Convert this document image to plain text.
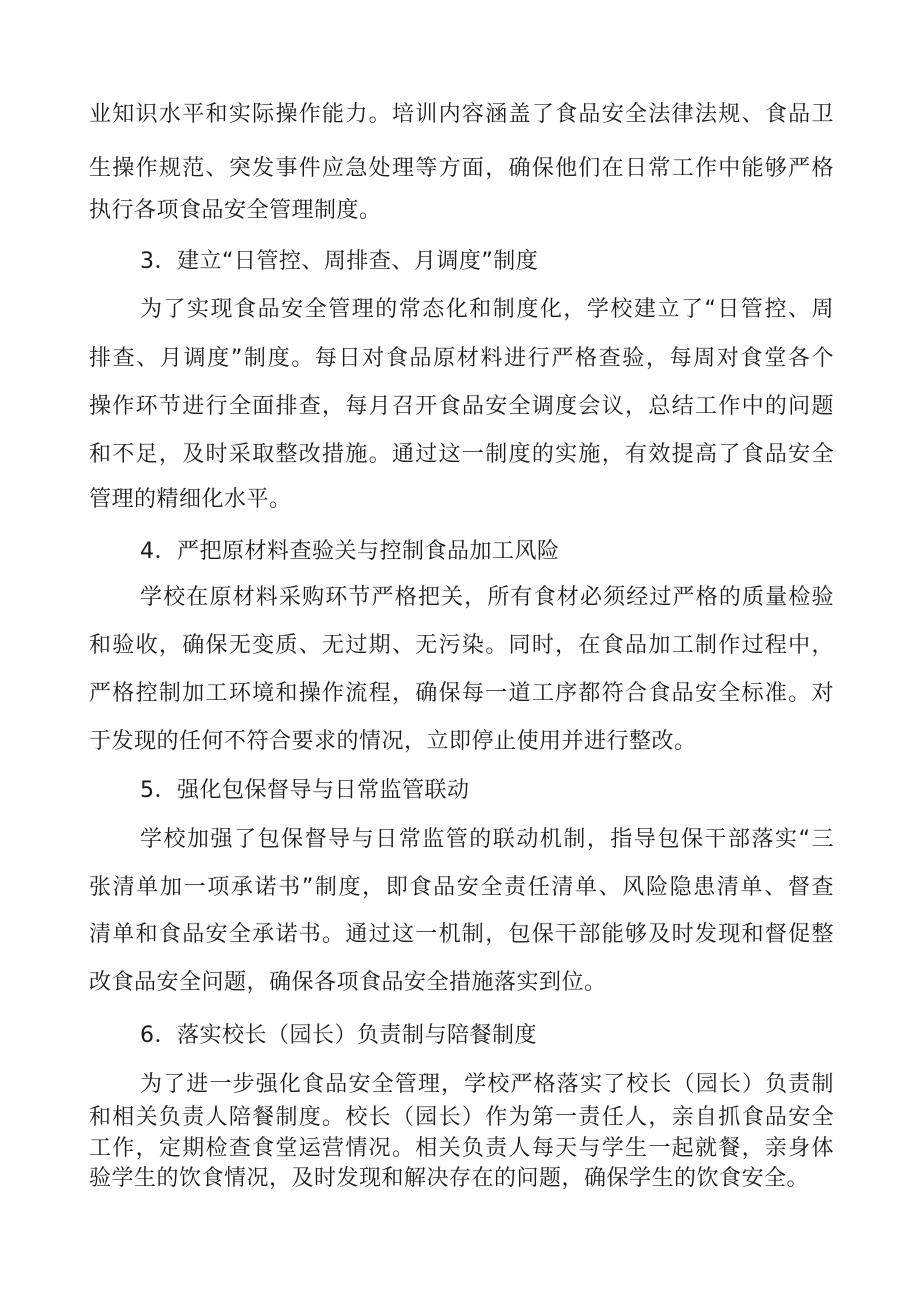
业知识水平和实际操作能力。培训内容涵盖了食品安全法律法规、食品卫
生操作规范、突发事件应急处理等方面，确保他们在日常工作中能够严格
执行各项食品安全管理制度。
3．建立“日管控、周排查、月调度”制度
为了实现食品安全管理的常态化和制度化，学校建立了“日管控、周
排查、月调度”制度。每日对食品原材料进行严格查验，每周对食堂各个
操作环节进行全面排查，每月召开食品安全调度会议，总结工作中的问题
和不足，及时采取整改措施。通过这一制度的实施，有效提高了食品安全
管理的精细化水平。
4．严把原材料查验关与控制食品加工风险
学校在原材料采购环节严格把关，所有食材必须经过严格的质量检验
和验收，确保无变质、无过期、无污染。同时，在食品加工制作过程中，
严格控制加工环境和操作流程，确保每一道工序都符合食品安全标准。对
于发现的任何不符合要求的情况，立即停止使用并进行整改。
5．强化包保督导与日常监管联动
学校加强了包保督导与日常监管的联动机制，指导包保干部落实“三
张清单加一项承诺书”制度，即食品安全责任清单、风险隐患清单、督查
清单和食品安全承诺书。通过这一机制，包保干部能够及时发现和督促整
改食品安全问题，确保各项食品安全措施落实到位。
6．落实校长（园长）负责制与陪餐制度
为了进一步强化食品安全管理，学校严格落实了校长（园长）负责制
和相关负责人陪餐制度。校长（园长）作为第一责任人，亲自抓食品安全
工作，定期检查食堂运营情况。相关负责人每天与学生一起就餐，亲身体
验学生的饮食情况，及时发现和解决存在的问题，确保学生的饮食安全。
